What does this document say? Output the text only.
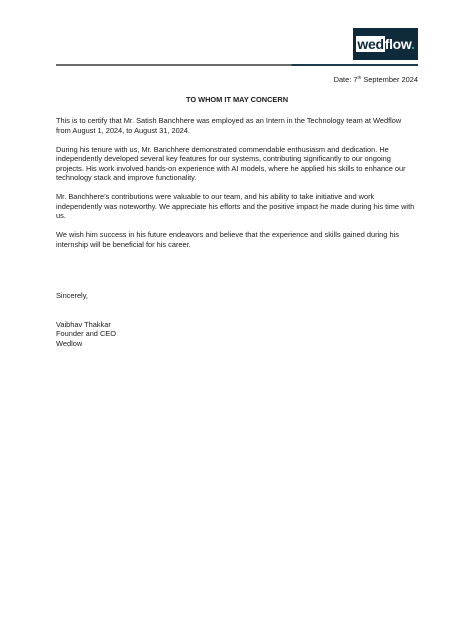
wedflow.
Date: 7th September 2024
TO WHOM IT MAY CONCERN

This is to certify that Mr. Satish Banchhere was employed as an Intern in the Technology team at Wedflow from August 1, 2024, to August 31, 2024.

During his tenure with us, Mr. Banchhere demonstrated commendable enthusiasm and dedication. He independently developed several key features for our systems, contributing significantly to our ongoing projects. His work involved hands-on experience with AI models, where he applied his skills to enhance our technology stack and improve functionality.

Mr. Banchhere’s contributions were valuable to our team, and his ability to take initiative and work independently was noteworthy. We appreciate his efforts and the positive impact he made during his time with us.

We wish him success in his future endeavors and believe that the experience and skills gained during his internship will be beneficial for his career.

Sincerely,
Vaibhav Thakkar
Founder and CEO
Wedlow
